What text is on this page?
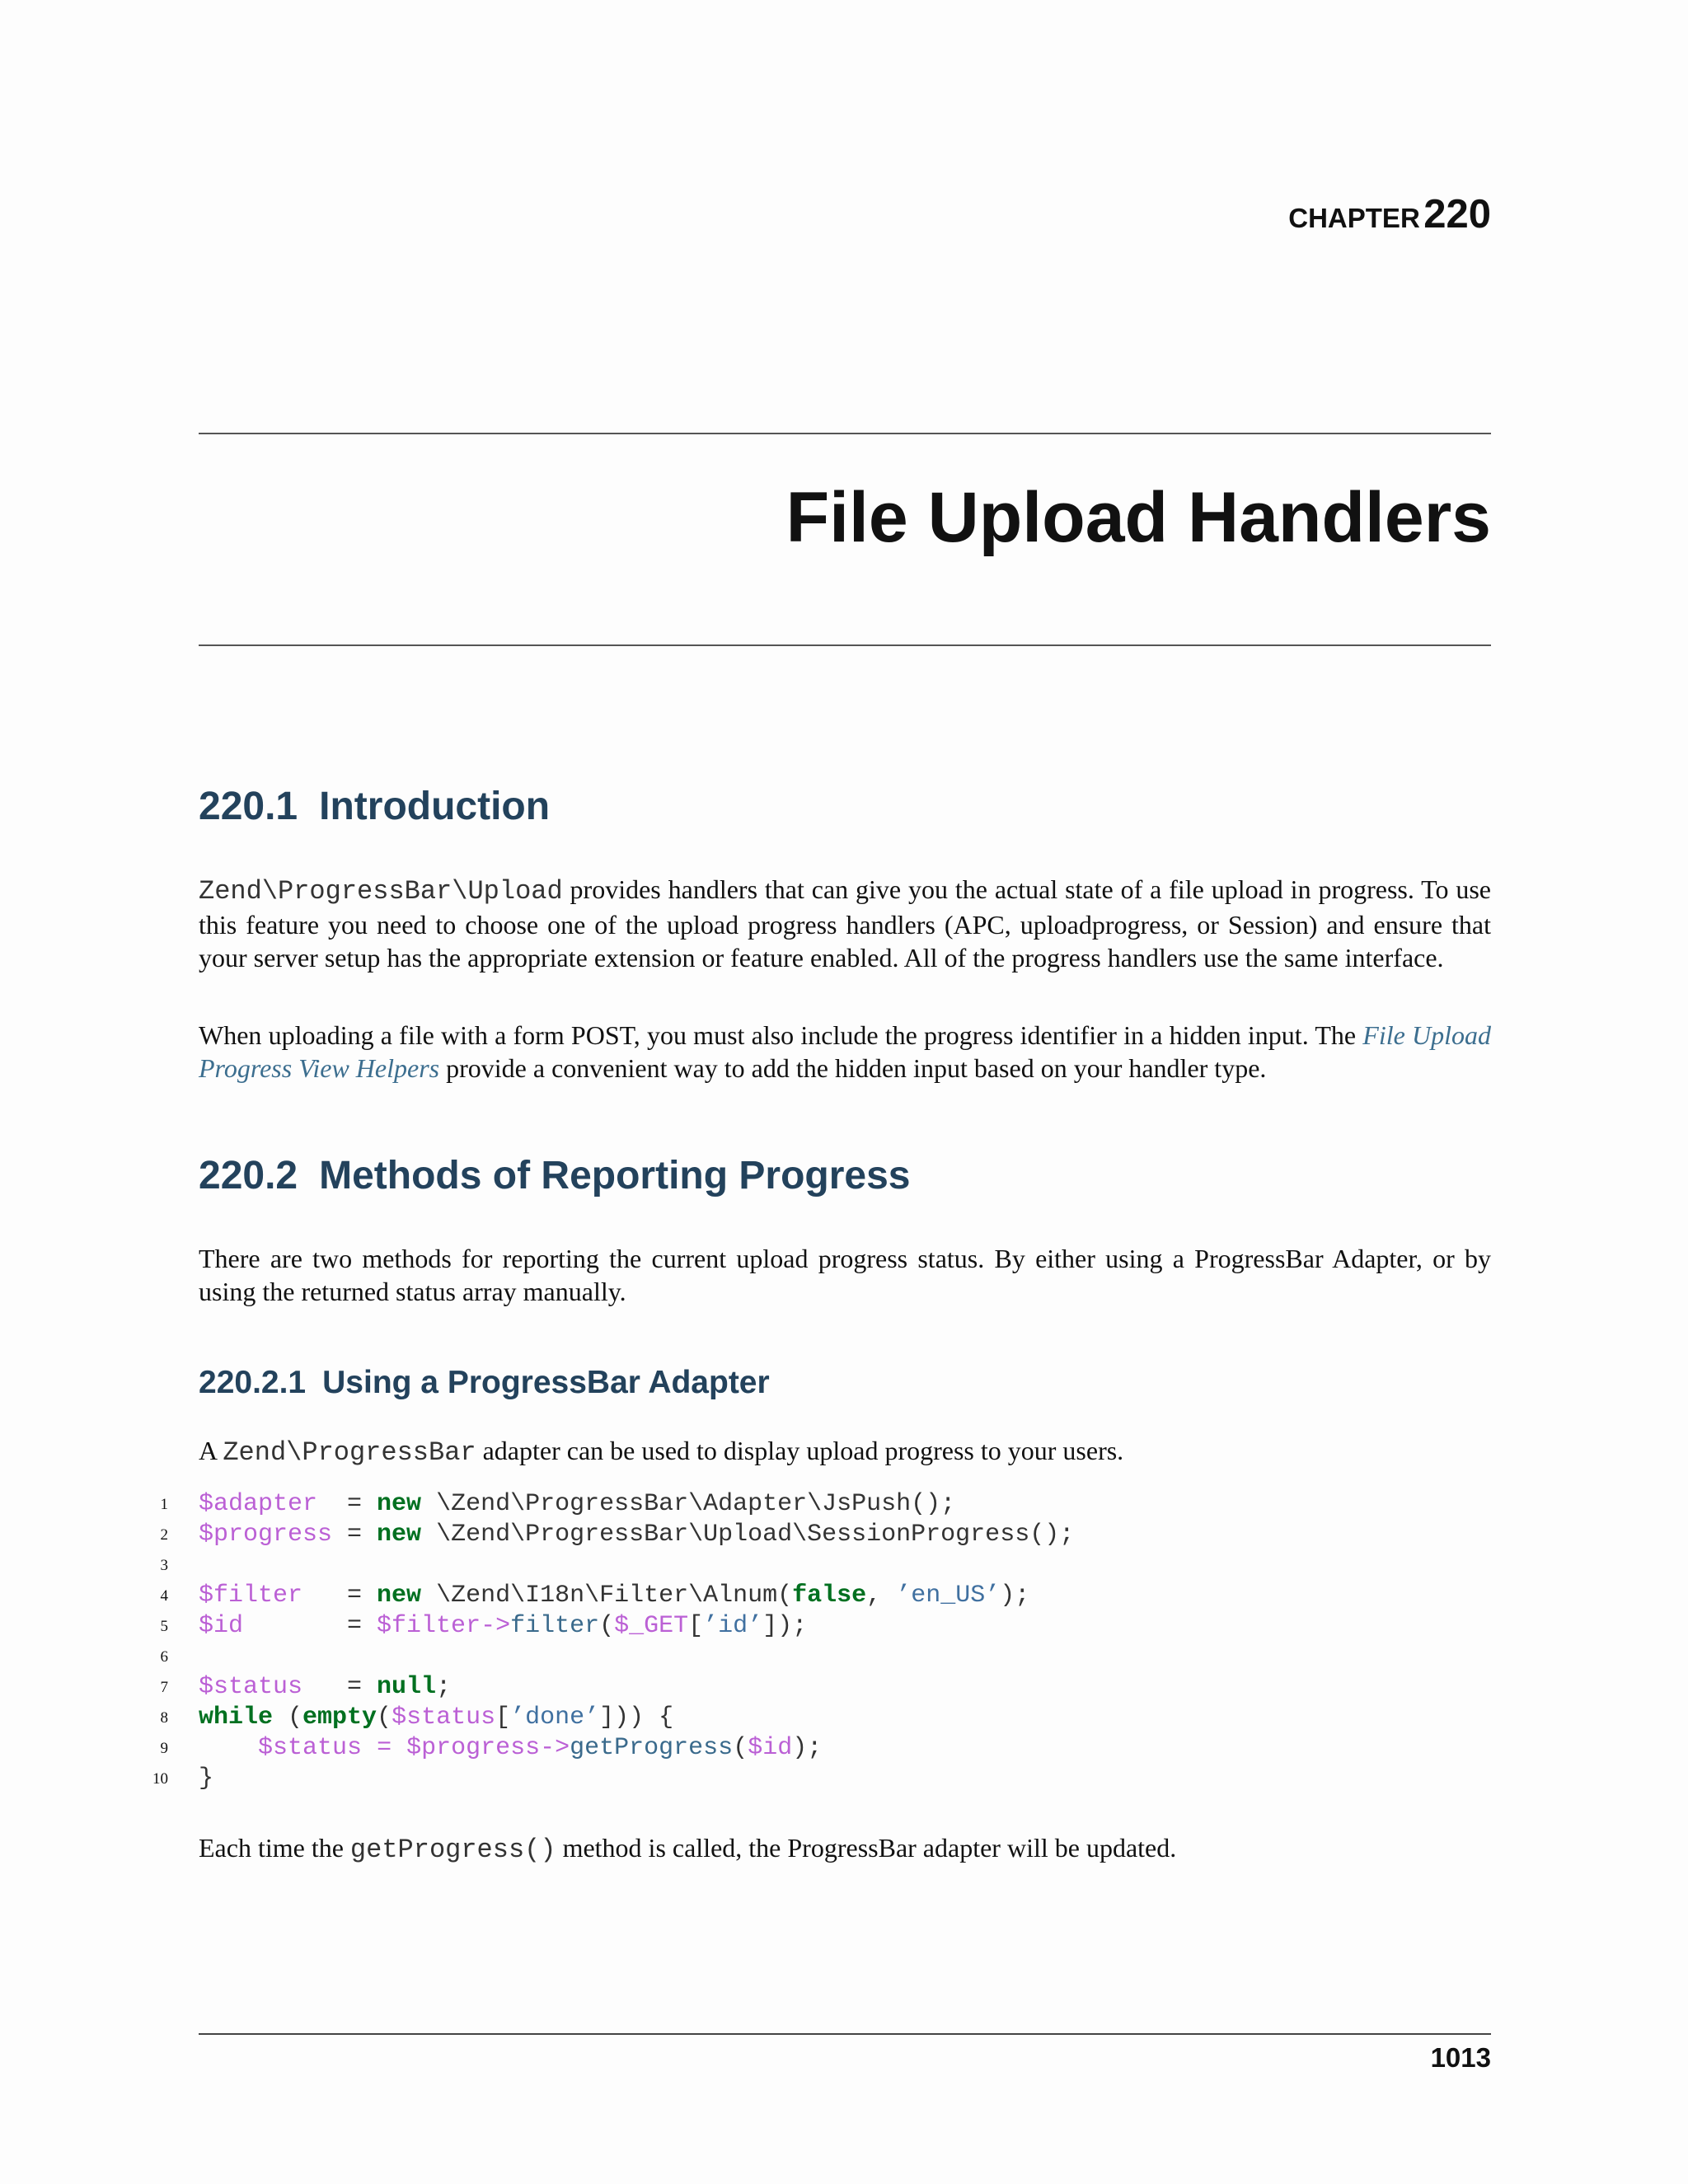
CHAPTER 220
File Upload Handlers
220.1 Introduction

Zend\ProgressBar\Upload provides handlers that can give you the actual state of a file upload in progress. To use this feature you need to choose one of the upload progress handlers (APC, uploadprogress, or Session) and ensure that your server setup has the appropriate extension or feature enabled. All of the progress handlers use the same interface.

When uploading a file with a form POST, you must also include the progress identifier in a hidden input. The File Upload Progress View Helpers provide a convenient way to add the hidden input based on your handler type.

220.2 Methods of Reporting Progress

There are two methods for reporting the current upload progress status. By either using a ProgressBar Adapter, or by using the returned status array manually.

220.2.1 Using a ProgressBar Adapter

A Zend\ProgressBar adapter can be used to display upload progress to your users.

1 $adapter  = new \Zend\ProgressBar\Adapter\JsPush();
2 $progress = new \Zend\ProgressBar\Upload\SessionProgress();
3
4 $filter   = new \Zend\I18n\Filter\Alnum(false, ’en_US’);
5 $id       = $filter->filter($_GET[’id’]);
6
7 $status   = null;
8 while (empty($status[’done’])) {
9	$status = $progress->getProgress($id);
10 }

Each time the getProgress() method is called, the ProgressBar adapter will be updated.

1013
